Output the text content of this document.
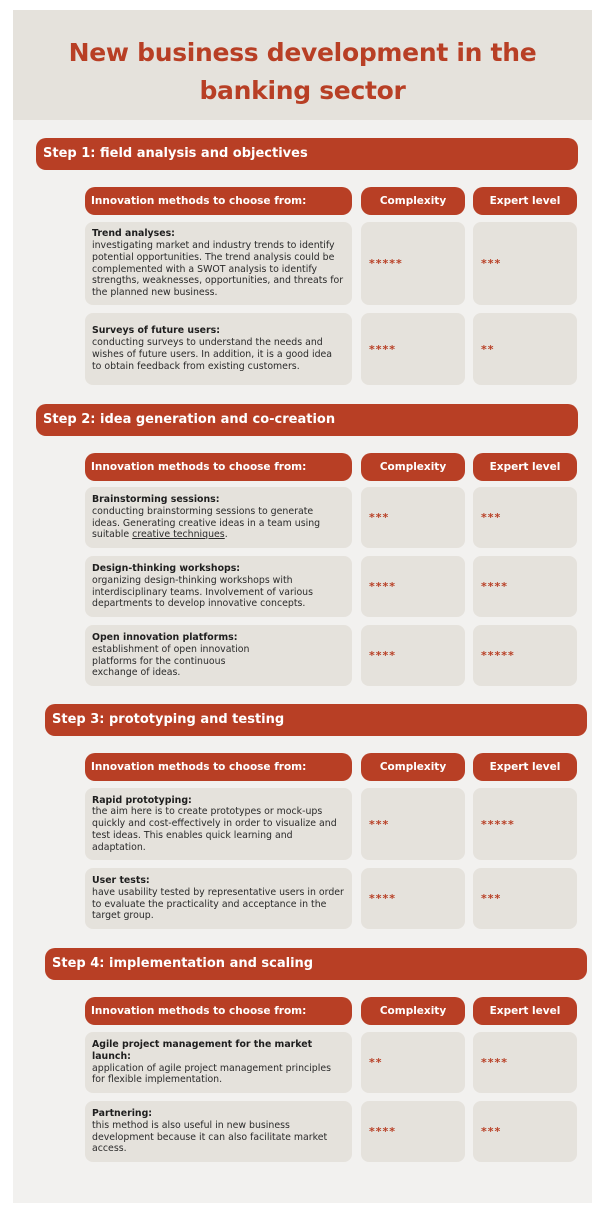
New business development in the banking sector
Step 1: field analysis and objectives
Innovation methods to choose from:	Complexity	Expert level
Trend analyses:
investigating market and industry trends to identify potential opportunities. The trend analysis could be complemented with a SWOT analysis to identify strengths, weaknesses, opportunities, and threats for the planned new business.
*****	***
Surveys of future users:
conducting surveys to understand the needs and wishes of future users. In addition, it is a good idea to obtain feedback from existing customers.
****	**
Step 2: idea generation and co-creation
Innovation methods to choose from:	Complexity	Expert level
Brainstorming sessions:
conducting brainstorming sessions to generate ideas. Generating creative ideas in a team using suitable creative techniques.
***	***
Design-thinking workshops:
organizing design-thinking workshops with interdisciplinary teams. Involvement of various departments to develop innovative concepts.
****	****
Open innovation platforms:
establishment of open innovation platforms for the continuous exchange of ideas.
****	*****
Step 3: prototyping and testing
Innovation methods to choose from:	Complexity	Expert level
Rapid prototyping:
the aim here is to create prototypes or mock-ups quickly and cost-effectively in order to visualize and test ideas. This enables quick learning and adaptation.
***	*****
User tests:
have usability tested by representative users in order to evaluate the practicality and acceptance in the target group.
****	***
Step 4: implementation and scaling
Innovation methods to choose from:	Complexity	Expert level
Agile project management for the market launch:
application of agile project management principles for flexible implementation.
**	****
Partnering:
this method is also useful in new business development because it can also facilitate market access.
****	***
